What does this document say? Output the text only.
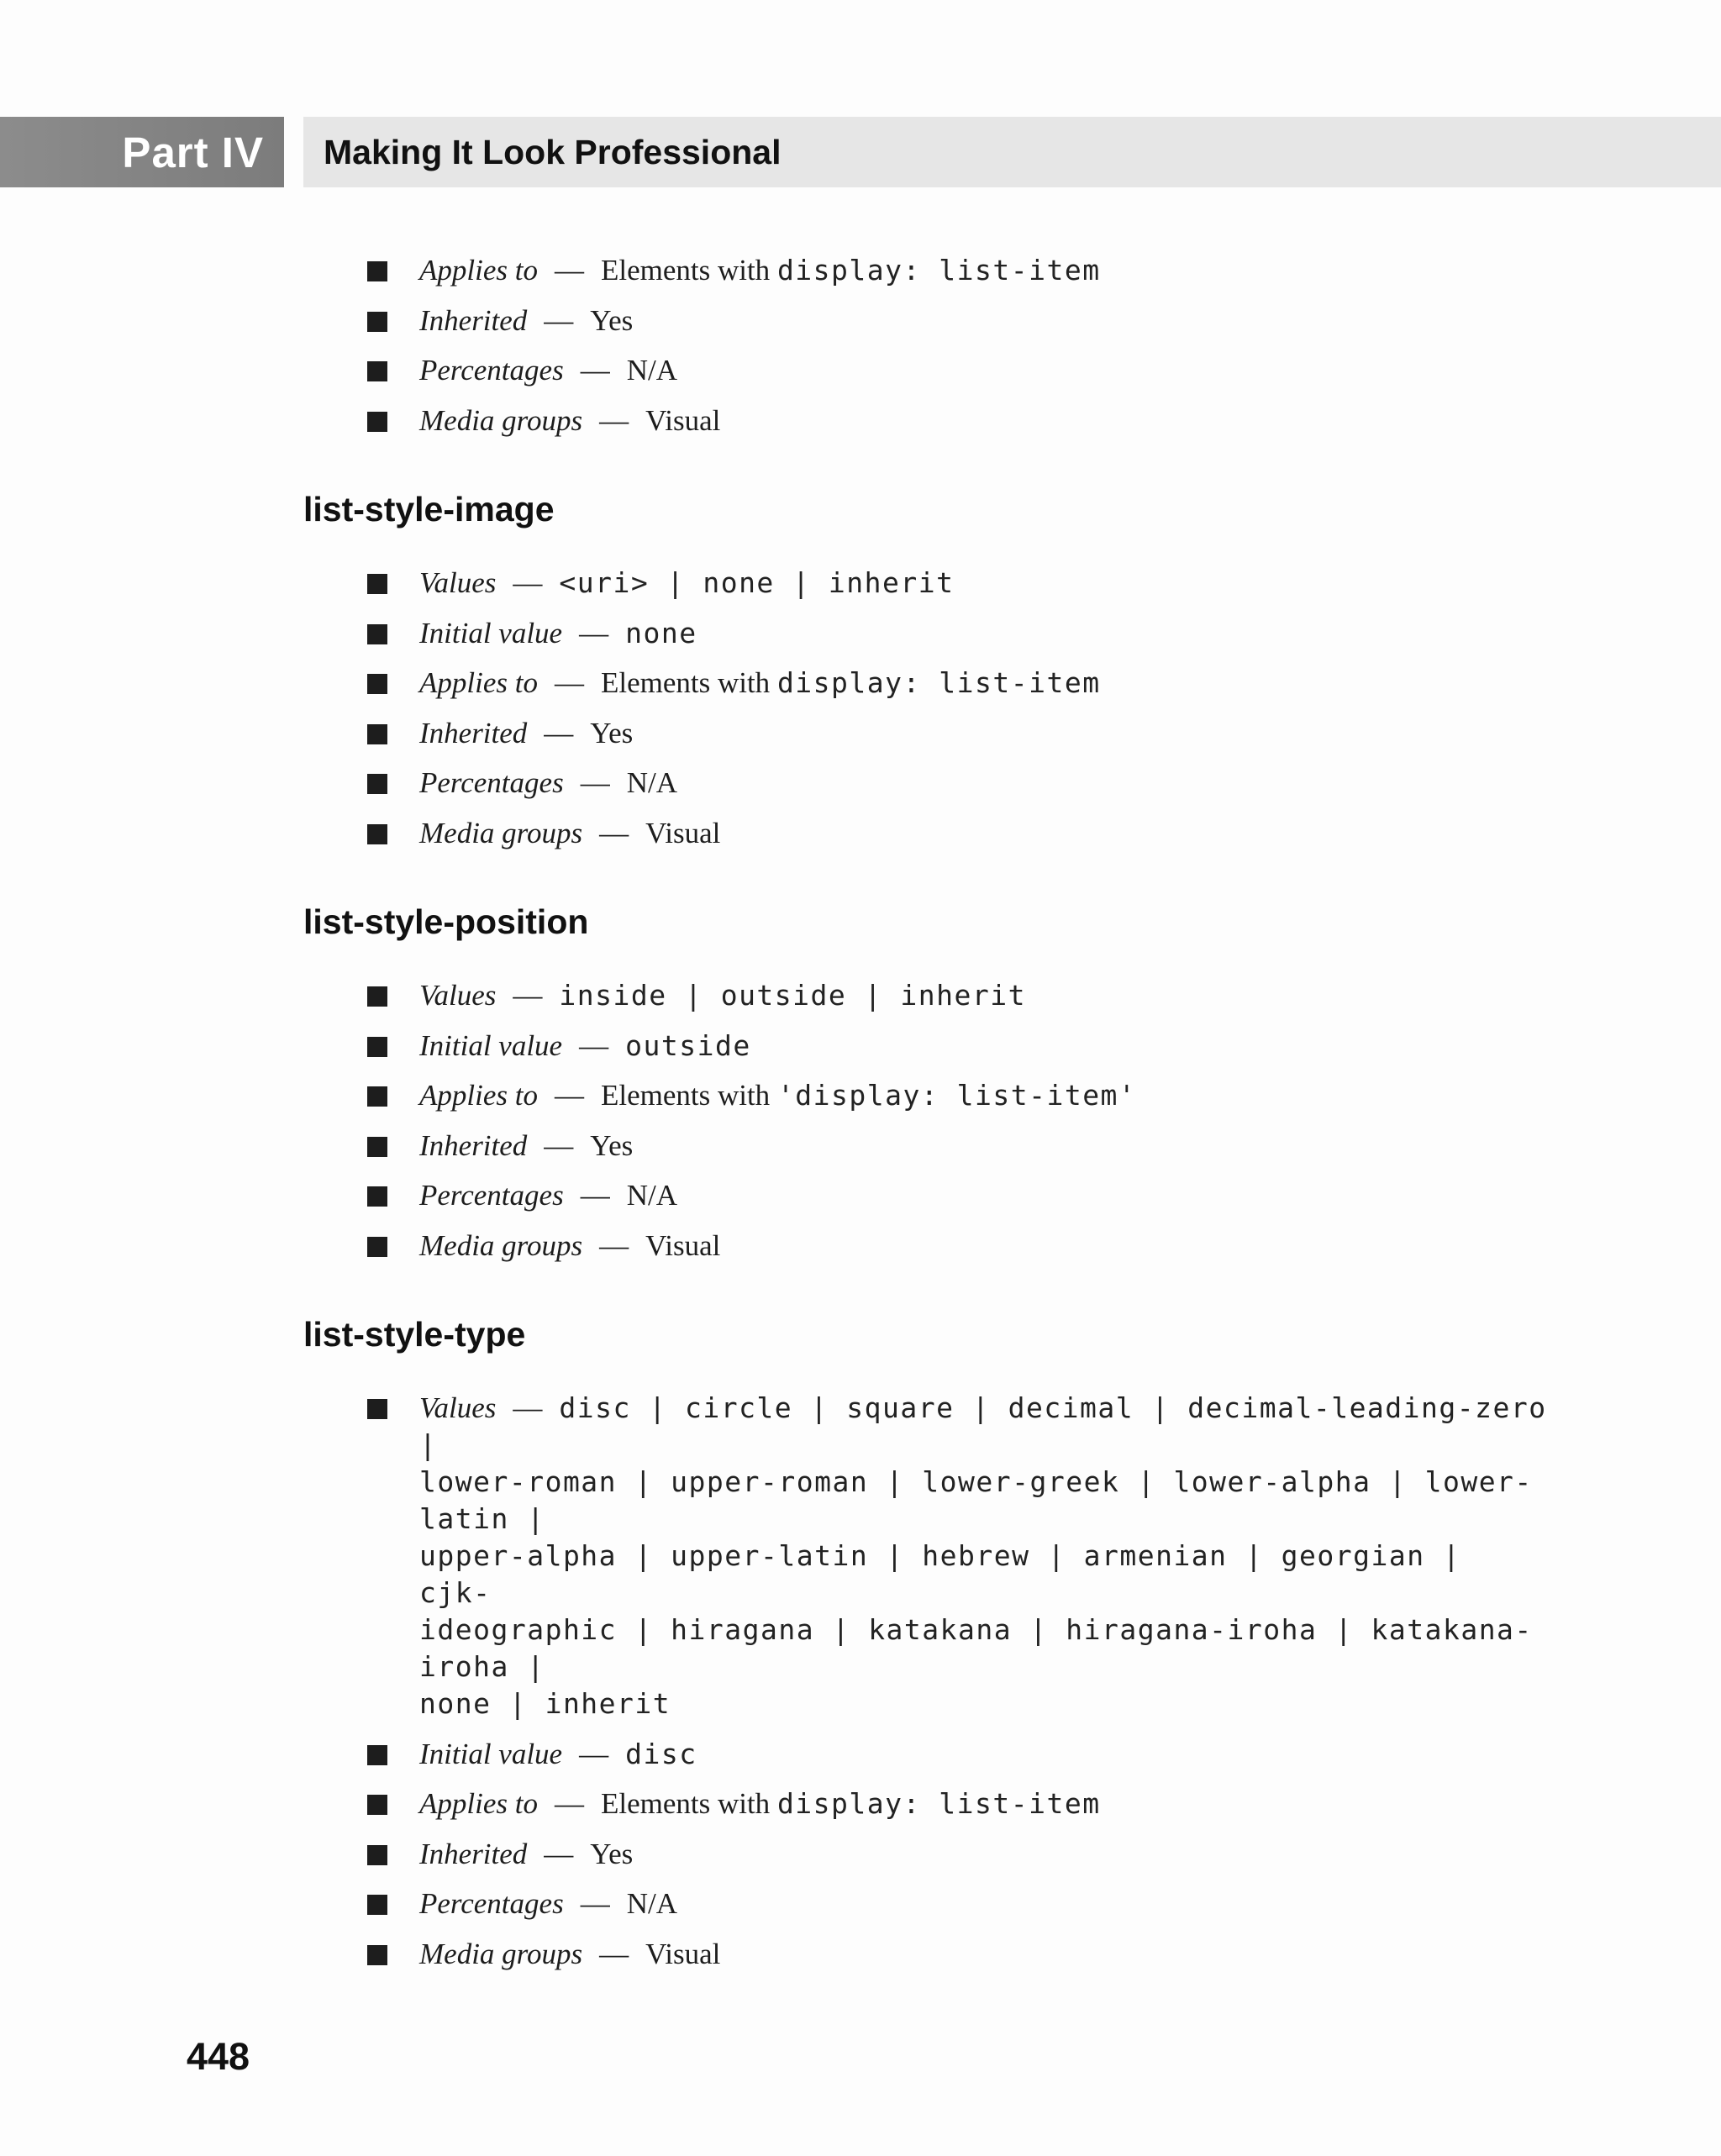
Part IV Making It Look Professional
Applies to — Elements with display: list-item
Inherited — Yes
Percentages — N/A
Media groups — Visual
list-style-image
Values — <uri> | none | inherit
Initial value — none
Applies to — Elements with display: list-item
Inherited — Yes
Percentages — N/A
Media groups — Visual
list-style-position
Values — inside | outside | inherit
Initial value — outside
Applies to — Elements with 'display: list-item'
Inherited — Yes
Percentages — N/A
Media groups — Visual
list-style-type
Values — disc | circle | square | decimal | decimal-leading-zero |
lower-roman | upper-roman | lower-greek | lower-alpha | lower-latin |
upper-alpha | upper-latin | hebrew | armenian | georgian | cjk-
ideographic | hiragana | katakana | hiragana-iroha | katakana-iroha |
none | inherit
Initial value — disc
Applies to — Elements with display: list-item
Inherited — Yes
Percentages — N/A
Media groups — Visual
448
